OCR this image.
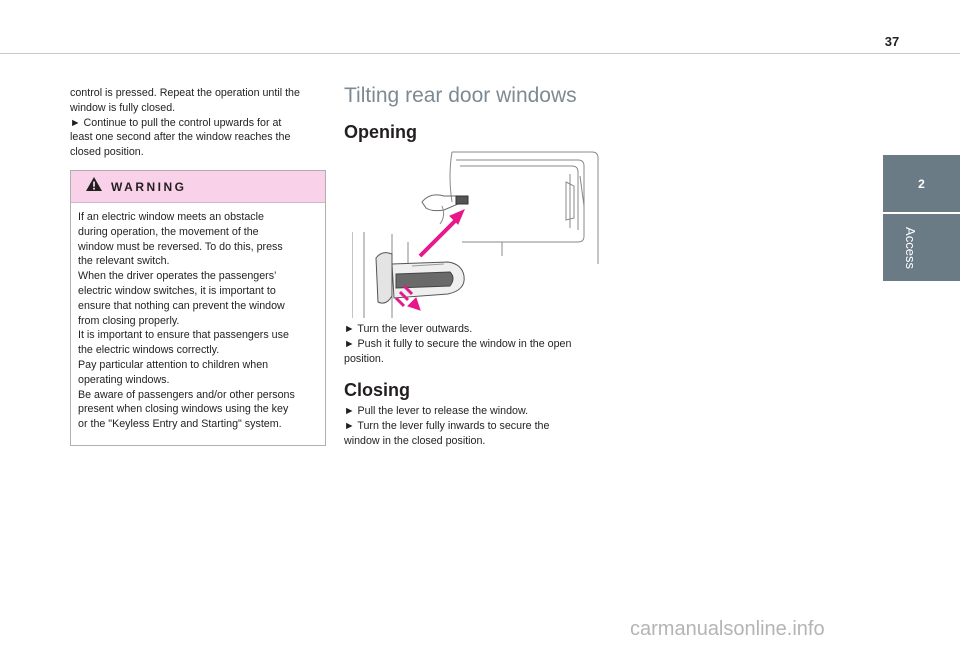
37
2
Access

control is pressed. Repeat the operation until the

window is fully closed.

► Continue to pull the control upwards for at

least one second after the window reaches the

closed position.

WARNING

If an electric window meets an obstacle

during operation, the movement of the

window must be reversed. To do this, press

the relevant switch.

When the driver operates the passengers’

electric window switches, it is important to

ensure that nothing can prevent the window

from closing properly.

It is important to ensure that passengers use

the electric windows correctly.

Pay particular attention to children when

operating windows.

Be aware of passengers and/or other persons

present when closing windows using the key

or the "Keyless Entry and Starting" system.

Tilting rear door windows
Opening

► Turn the lever outwards.

► Push it fully to secure the window in the open

position.

Closing

► Pull the lever to release the window.

► Turn the lever fully inwards to secure the

window in the closed position.

carmanualsonline.info
